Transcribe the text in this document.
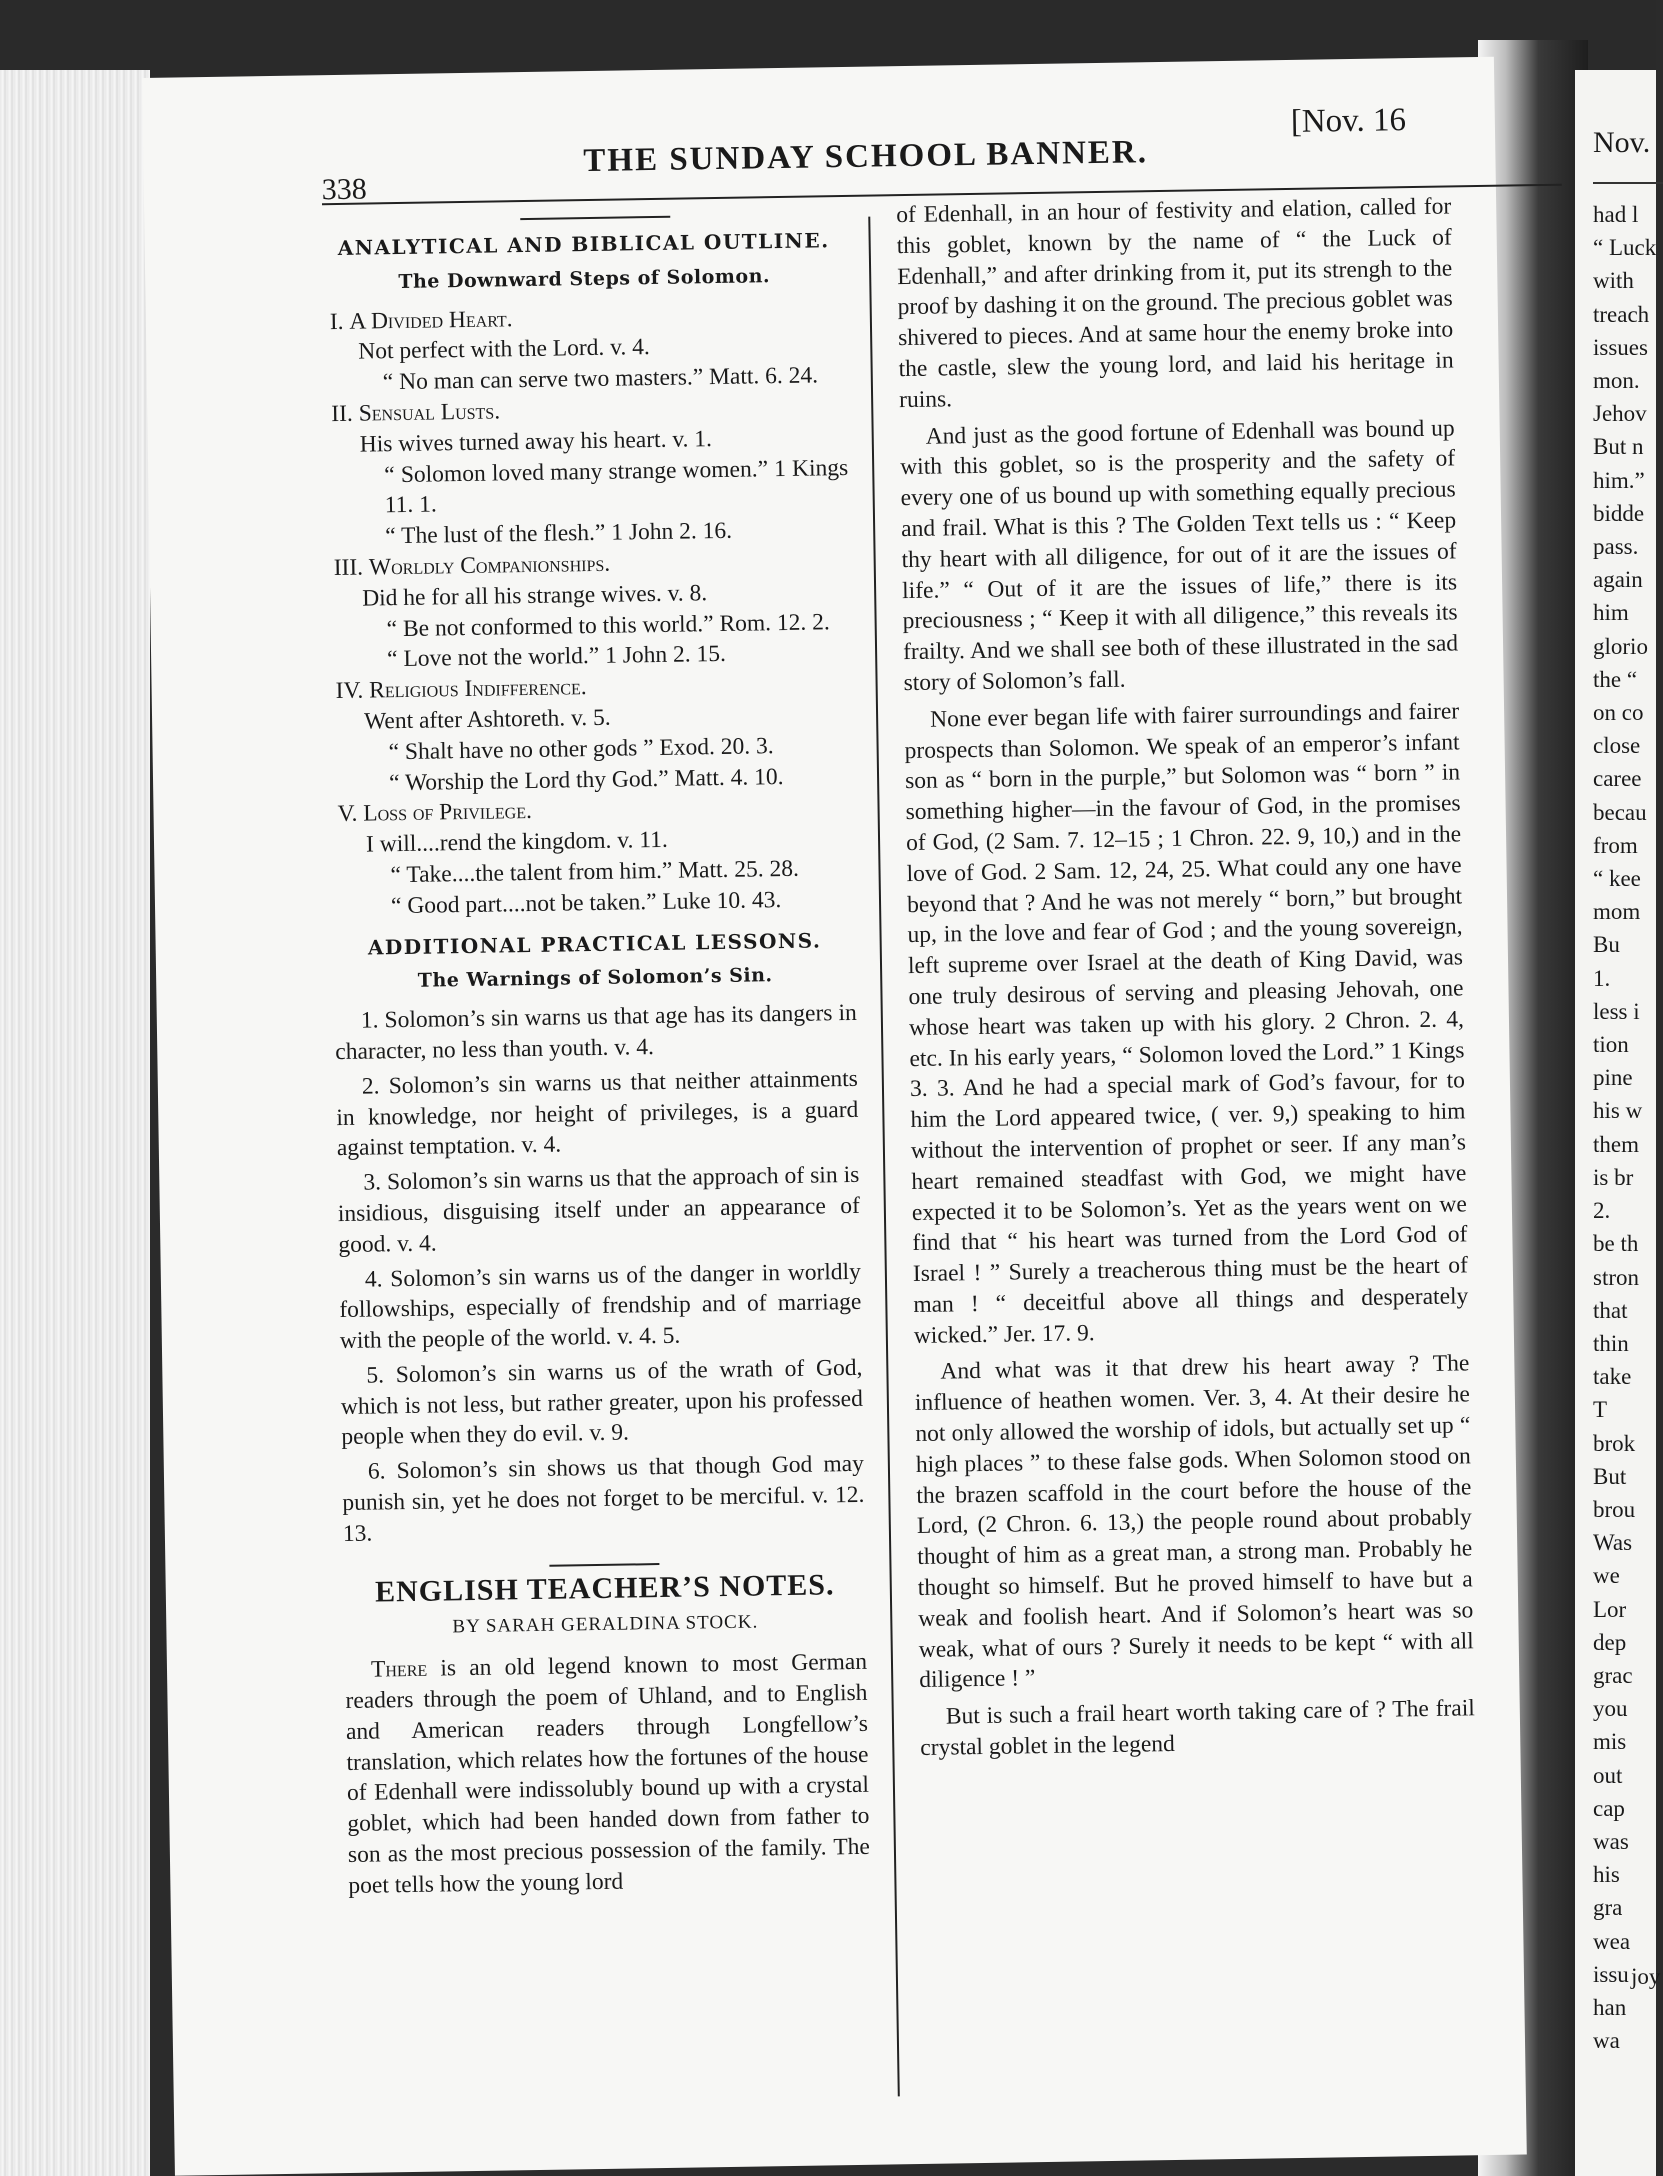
Nov.
had l
“ Luck
with
treach
issues
mon.
Jehov
But n
him.”
bidde
pass.
again
him
glorio
the “
on co
close
caree
becau
from
“ kee
mom
Bu
1.
less i
tion
pine
his w
them
is br
2.
be th
stron
that
thin
take
T
brok
But
brou
Was
we
Lor
dep
grac
you
mis
out
cap
was
his
gra
wea
issu
han
wa
joy
338
THE SUNDAY SCHOOL BANNER.
[Nov. 16
ANALYTICAL AND BIBLICAL OUTLINE.
The Downward Steps of Solomon.
I. A Divided Heart.
Not perfect with the Lord. v. 4.
“ No man can serve two masters.” Matt. 6. 24.
II. Sensual Lusts.
His wives turned away his heart. v. 1.
“ Solomon loved many strange women.” 1 Kings 11. 1.
“ The lust of the flesh.” 1 John 2. 16.
III. Worldly Companionships.
Did he for all his strange wives. v. 8.
“ Be not conformed to this world.” Rom. 12. 2.
“ Love not the world.” 1 John 2. 15.
IV. Religious Indifference.
Went after Ashtoreth. v. 5.
“ Shalt have no other gods ” Exod. 20. 3.
“ Worship the Lord thy God.” Matt. 4. 10.
V. Loss of Privilege.
I will....rend the kingdom. v. 11.
“ Take....the talent from him.” Matt. 25. 28.
“ Good part....not be taken.” Luke 10. 43.
ADDITIONAL PRACTICAL LESSONS.
The Warnings of Solomon’s Sin.

1. Solomon’s sin warns us that age has its dangers in character, no less than youth. v. 4.

2. Solomon’s sin warns us that neither attainments in knowledge, nor height of privileges, is a guard against temptation. v. 4.

3. Solomon’s sin warns us that the approach of sin is insidious, disguising itself under an appearance of good. v. 4.

4. Solomon’s sin warns us of the danger in worldly followships, especially of frendship and of marriage with the people of the world. v. 4. 5.

5. Solomon’s sin warns us of the wrath of God, which is not less, but rather greater, upon his professed people when they do evil. v. 9.

6. Solomon’s sin shows us that though God may punish sin, yet he does not forget to be merciful. v. 12. 13.

ENGLISH TEACHER’S NOTES.
BY SARAH GERALDINA STOCK.

There is an old legend known to most German readers through the poem of Uhland, and to English and American readers through Longfellow’s translation, which relates how the fortunes of the house of Edenhall were indissolubly bound up with a crystal goblet, which had been handed down from father to son as the most precious possession of the family. The poet tells how the young lord

of Edenhall, in an hour of festivity and elation, called for this goblet, known by the name of “ the Luck of Edenhall,” and after drinking from it, put its strengh to the proof by dashing it on the ground. The precious goblet was shivered to pieces. And at same hour the enemy broke into the castle, slew the young lord, and laid his heritage in ruins.

And just as the good fortune of Edenhall was bound up with this goblet, so is the prosperity and the safety of every one of us bound up with something equally precious and frail. What is this ? The Golden Text tells us : “ Keep thy heart with all diligence, for out of it are the issues of life.” “ Out of it are the issues of life,” there is its preciousness ; “ Keep it with all diligence,” this reveals its frailty. And we shall see both of these illustrated in the sad story of Solomon’s fall.

None ever began life with fairer surroundings and fairer prospects than Solomon. We speak of an emperor’s infant son as “ born in the purple,” but Solomon was “ born ” in something higher—in the favour of God, in the promises of God, (2 Sam. 7. 12–15 ; 1 Chron. 22. 9, 10,) and in the love of God. 2 Sam. 12, 24, 25. What could any one have beyond that ? And he was not merely “ born,” but brought up, in the love and fear of God ; and the young sovereign, left supreme over Israel at the death of King David, was one truly desirous of serving and pleasing Jehovah, one whose heart was taken up with his glory. 2 Chron. 2. 4, etc. In his early years, “ Solomon loved the Lord.” 1 Kings 3. 3. And he had a special mark of God’s favour, for to him the Lord appeared twice, ( ver. 9,) speaking to him without the intervention of prophet or seer. If any man’s heart remained steadfast with God, we might have expected it to be Solomon’s. Yet as the years went on we find that “ his heart was turned from the Lord God of Israel ! ” Surely a treacherous thing must be the heart of man ! “ deceitful above all things and desperately wicked.” Jer. 17. 9.

And what was it that drew his heart away ? The influence of heathen women. Ver. 3, 4. At their desire he not only allowed the worship of idols, but actually set up “ high places ” to these false gods. When Solomon stood on the brazen scaffold in the court before the house of the Lord, (2 Chron. 6. 13,) the people round about probably thought of him as a great man, a strong man. Probably he thought so himself. But he proved himself to have but a weak and foolish heart. And if Solomon’s heart was so weak, what of ours ? Surely it needs to be kept “ with all diligence ! ”

But is such a frail heart worth taking care of ? The frail crystal goblet in the legend
